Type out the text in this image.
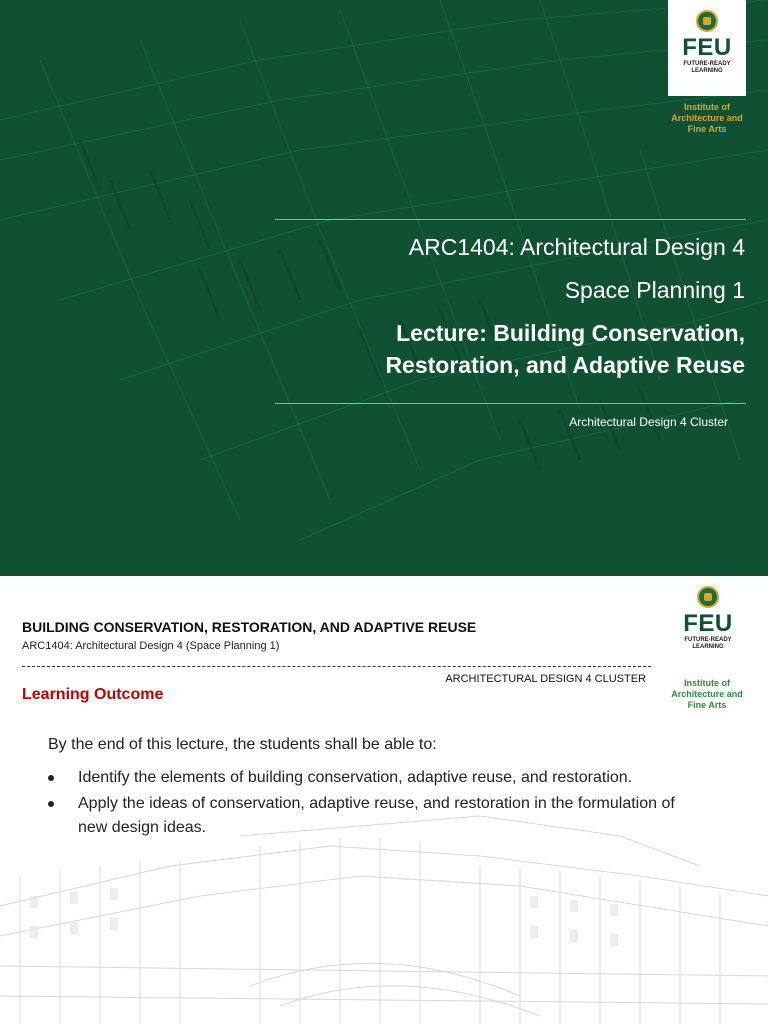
ARC1404: Architectural Design 4
Space Planning 1
Lecture: Building Conservation,
Restoration, and Adaptive Reuse
Architectural Design 4 Cluster
FEU
FUTURE-READY
LEARNING
Institute of
Architecture and
Fine Arts
BUILDING CONSERVATION, RESTORATION, AND ADAPTIVE REUSE
ARC1404: Architectural Design 4 (Space Planning 1)
ARCHITECTURAL DESIGN 4 CLUSTER
Learning Outcome
By the end of this lecture, the students shall be able to:
Identify the elements of building conservation, adaptive reuse, and restoration.
Apply the ideas of conservation, adaptive reuse, and restoration in the formulation of new design ideas.
FEU
FUTURE-READY
LEARNING
Institute of
Architecture and
Fine Arts
